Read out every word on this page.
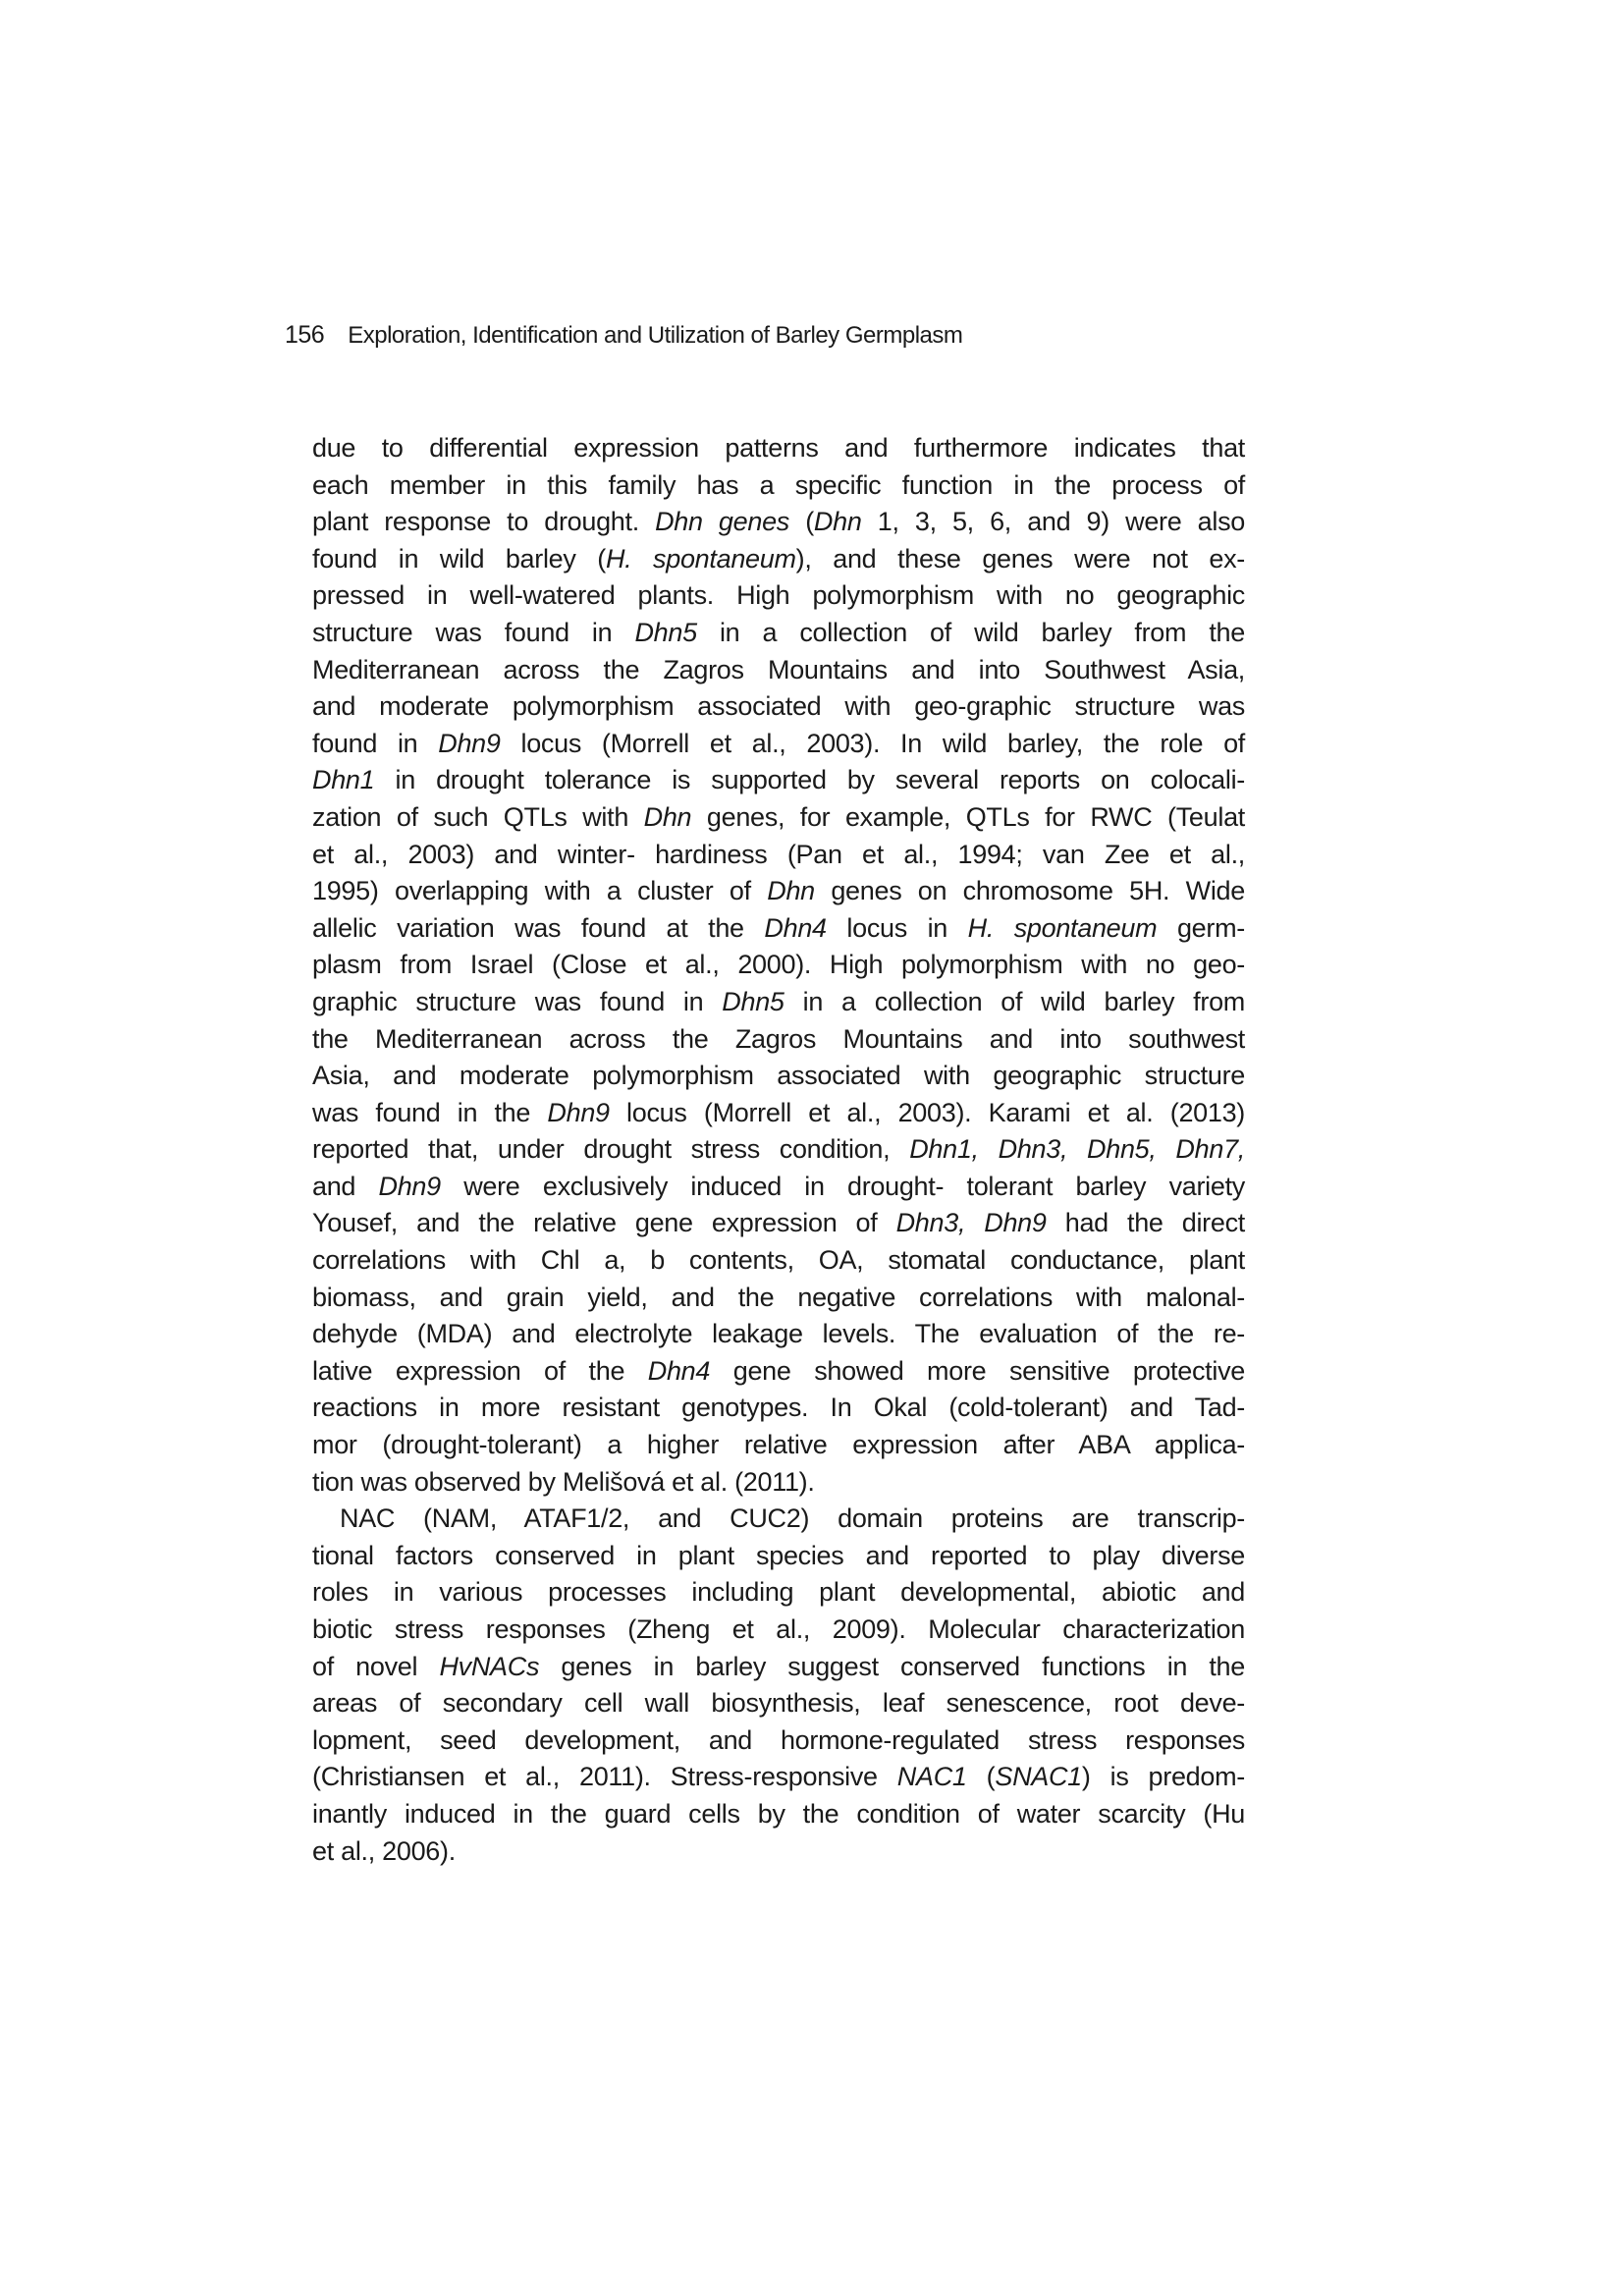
156 Exploration, Identification and Utilization of Barley Germplasm
due to differential expression patterns and furthermore indicates that
each member in this family has a specific function in the process of
plant response to drought. Dhn genes (Dhn 1, 3, 5, 6, and 9) were also
found in wild barley (H. spontaneum), and these genes were not ex-
pressed in well-watered plants. High polymorphism with no geographic
structure was found in Dhn5 in a collection of wild barley from the
Mediterranean across the Zagros Mountains and into Southwest Asia,
and moderate polymorphism associated with geo-graphic structure was
found in Dhn9 locus (Morrell et al., 2003). In wild barley, the role of
Dhn1 in drought tolerance is supported by several reports on colocali-
zation of such QTLs with Dhn genes, for example, QTLs for RWC (Teulat
et al., 2003) and winter- hardiness (Pan et al., 1994; van Zee et al.,
1995) overlapping with a cluster of Dhn genes on chromosome 5H. Wide
allelic variation was found at the Dhn4 locus in H. spontaneum germ-
plasm from Israel (Close et al., 2000). High polymorphism with no geo-
graphic structure was found in Dhn5 in a collection of wild barley from
the Mediterranean across the Zagros Mountains and into southwest
Asia, and moderate polymorphism associated with geographic structure
was found in the Dhn9 locus (Morrell et al., 2003). Karami et al. (2013)
reported that, under drought stress condition, Dhn1, Dhn3, Dhn5, Dhn7,
and Dhn9 were exclusively induced in drought- tolerant barley variety
Yousef, and the relative gene expression of Dhn3, Dhn9 had the direct
correlations with Chl a, b contents, OA, stomatal conductance, plant
biomass, and grain yield, and the negative correlations with malonal-
dehyde (MDA) and electrolyte leakage levels. The evaluation of the re-
lative expression of the Dhn4 gene showed more sensitive protective
reactions in more resistant genotypes. In Okal (cold-tolerant) and Tad-
mor (drought-tolerant) a higher relative expression after ABA applica-
tion was observed by Melišová et al. (2011).
NAC (NAM, ATAF1/2, and CUC2) domain proteins are transcrip-
tional factors conserved in plant species and reported to play diverse
roles in various processes including plant developmental, abiotic and
biotic stress responses (Zheng et al., 2009). Molecular characterization
of novel HvNACs genes in barley suggest conserved functions in the
areas of secondary cell wall biosynthesis, leaf senescence, root deve-
lopment, seed development, and hormone-regulated stress responses
(Christiansen et al., 2011). Stress-responsive NAC1 (SNAC1) is predom-
inantly induced in the guard cells by the condition of water scarcity (Hu
et al., 2006).
